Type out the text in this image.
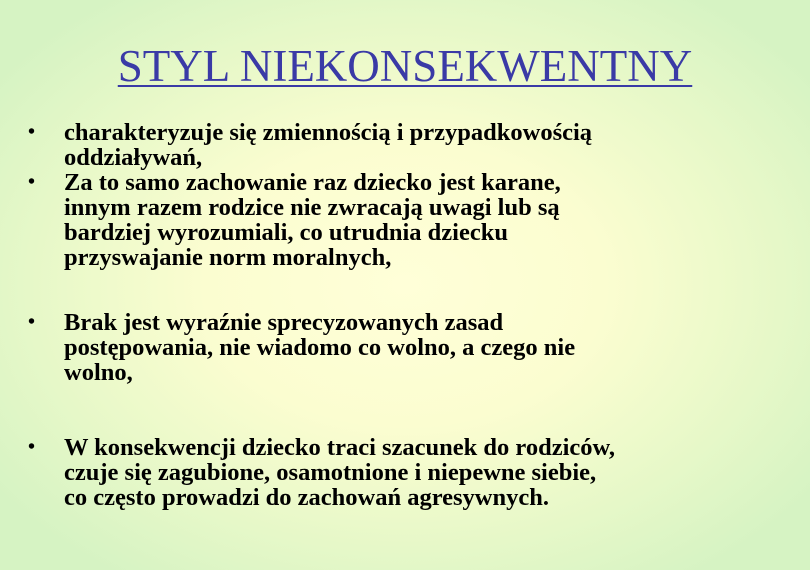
STYL NIEKONSEKWENTNY
•	charakteryzuje się zmiennością i przypadkowością
oddziaływań,
•	Za to samo zachowanie raz dziecko jest karane,
innym razem rodzice nie zwracają uwagi lub są
bardziej wyrozumiali, co utrudnia dziecku
przyswajanie norm moralnych,
•	Brak jest wyraźnie sprecyzowanych zasad
postępowania, nie wiadomo co wolno, a czego nie
wolno,
•	W konsekwencji dziecko traci szacunek do rodziców,
czuje się zagubione, osamotnione i niepewne siebie,
co często prowadzi do zachowań agresywnych.
